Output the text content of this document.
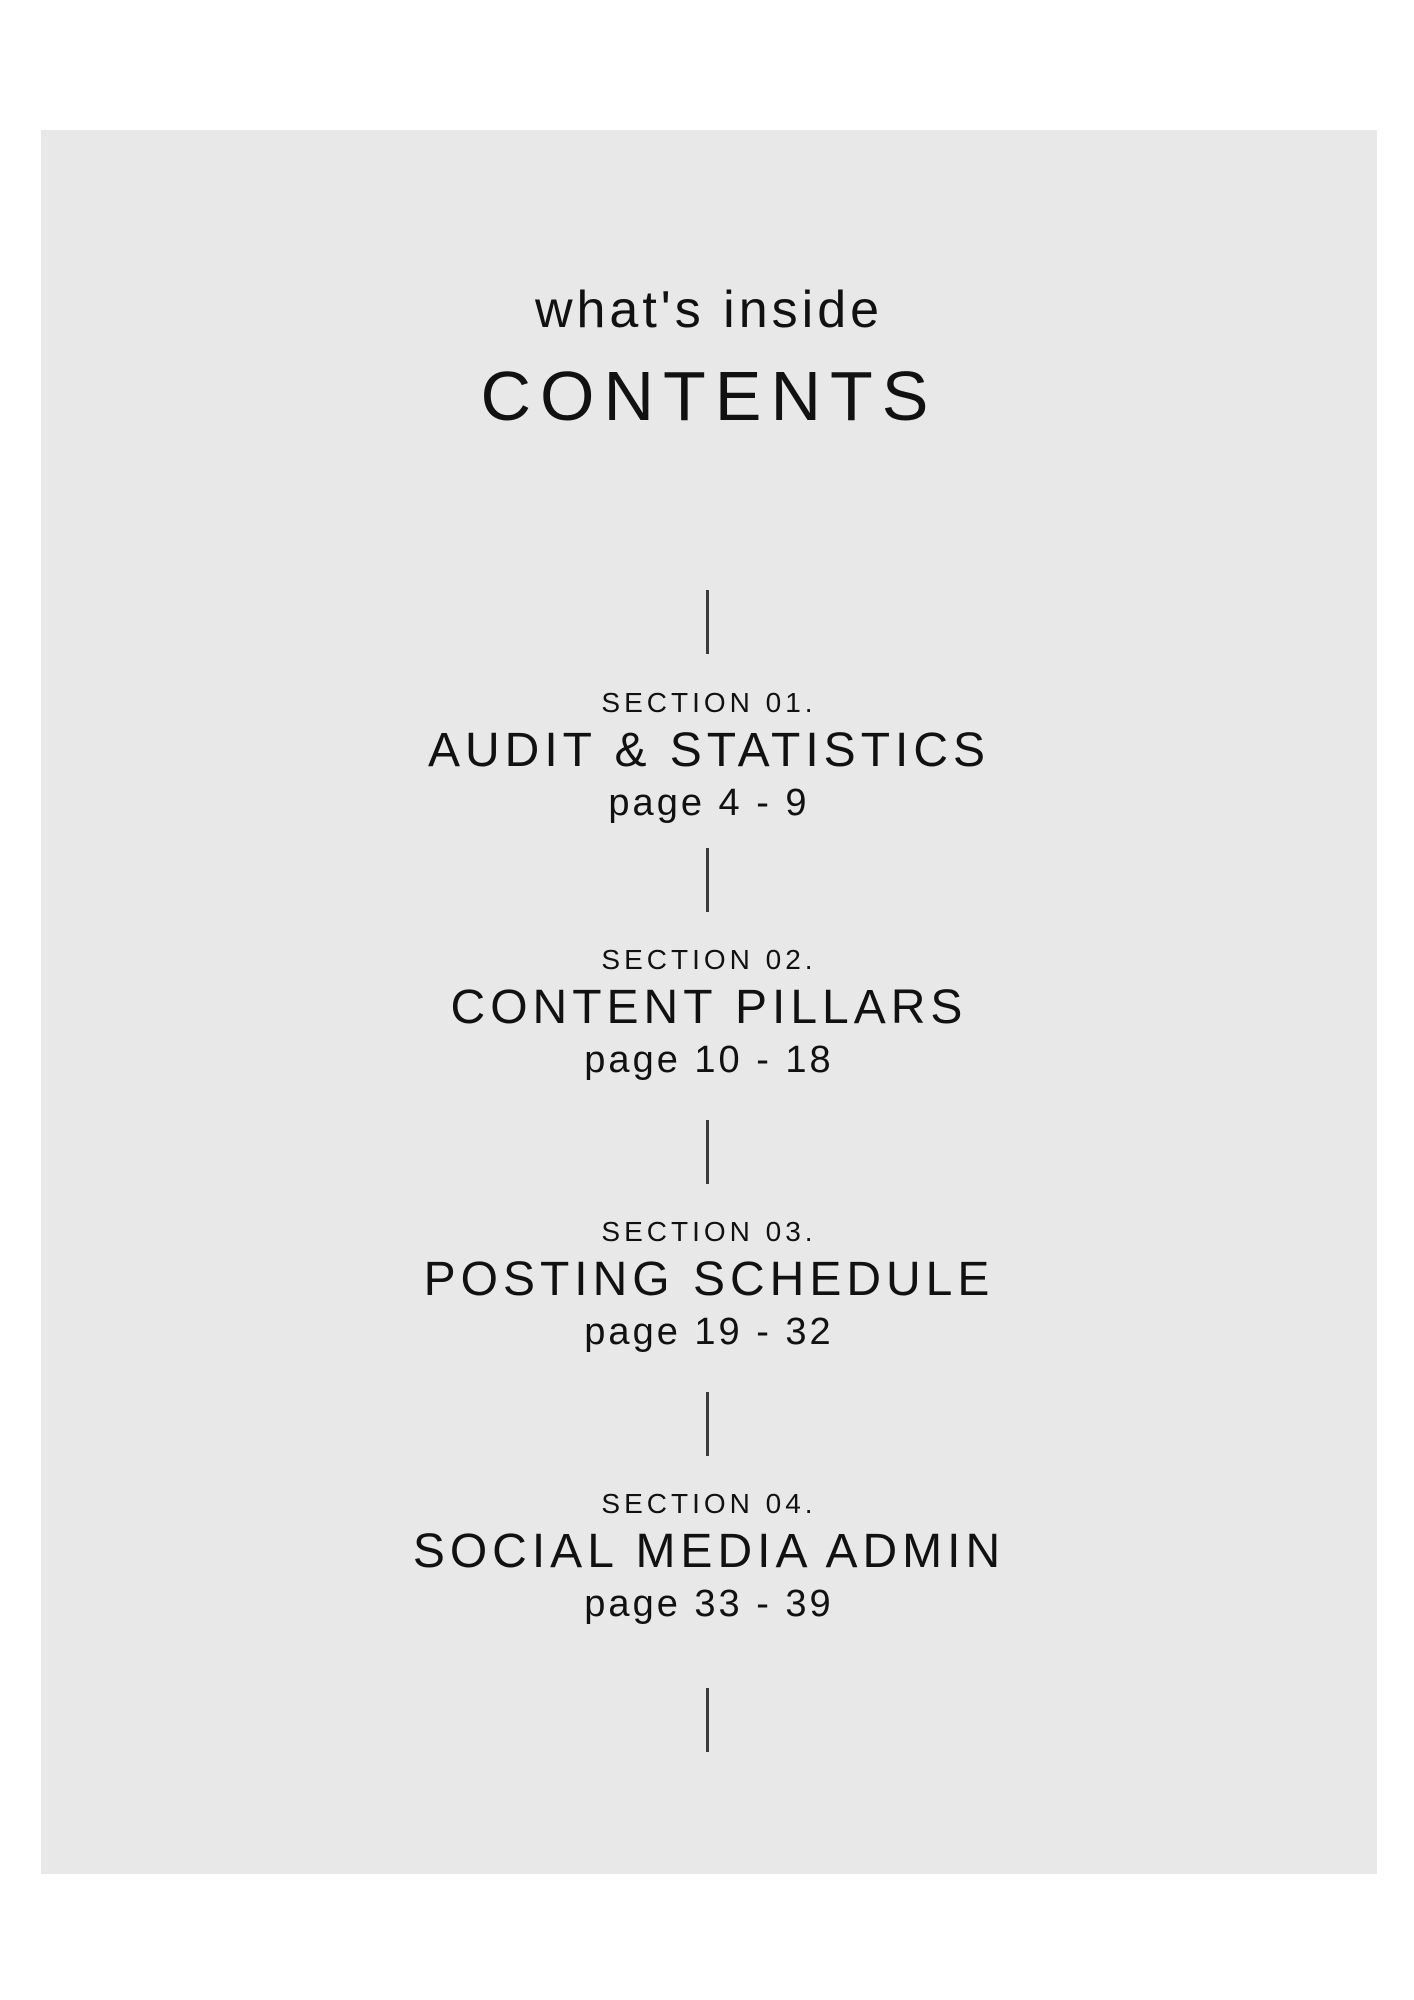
what's inside
CONTENTS
SECTION 01.
AUDIT & STATISTICS
page 4 - 9
SECTION 02.
CONTENT PILLARS
page 10 - 18
SECTION 03.
POSTING SCHEDULE
page 19 - 32
SECTION 04.
SOCIAL MEDIA ADMIN
page 33 - 39
